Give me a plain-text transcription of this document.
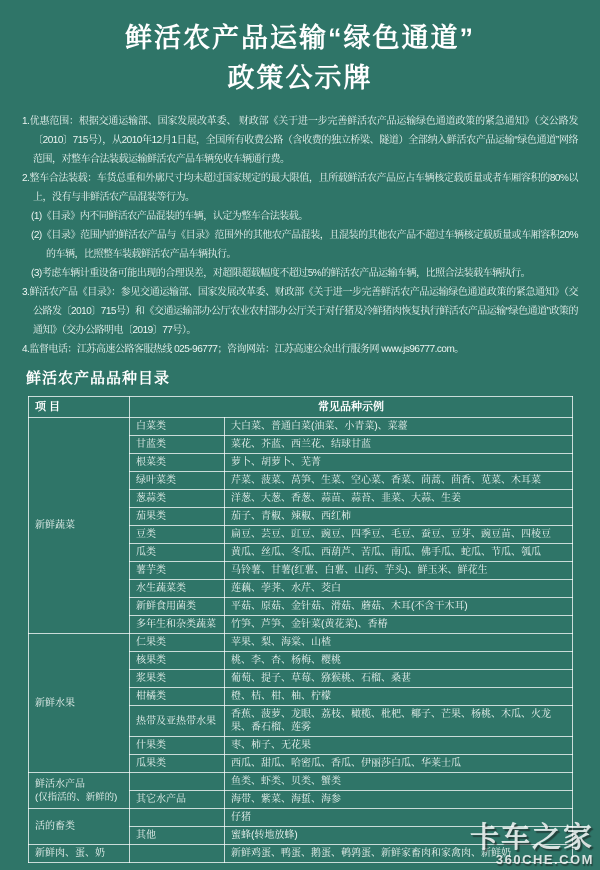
鲜活农产品运输“绿色通道”
政策公示牌
1.优惠范围：根据交通运输部、国家发展改革委、 财政部《关于进一步完善鲜活农产品运输绿色通道政策的紧急通知》（交公路发〔2010〕715号），从2010年12月1日起，全国所有收费公路（含收费的独立桥梁、隧道）全部纳入鲜活农产品运输“绿色通道”网络范围，对整车合法装载运输鲜活农产品车辆免收车辆通行费。
2.整车合法装载：车货总重和外廓尺寸均未超过国家规定的最大限值，且所载鲜活农产品应占车辆核定载质量或者车厢容积的80%以上，没有与非鲜活农产品混装等行为。
(1)《目录》内不同鲜活农产品混装的车辆，认定为整车合法装载。
(2)《目录》范围内的鲜活农产品与《目录》范围外的其他农产品混装，且混装的其他农产品不超过车辆核定载质量或车厢容积20%的车辆，比照整车装载鲜活农产品车辆执行。
(3)考虑车辆计重设备可能出现的合理误差，对超限超载幅度不超过5%的鲜活农产品运输车辆，比照合法装载车辆执行。
3.鲜活农产品《目录》：参见交通运输部、国家发展改革委、财政部《关于进一步完善鲜活农产品运输绿色通道政策的紧急通知》（交公路发〔2010〕715号）和《交通运输部办公厅农业农村部办公厅关于对仔猪及冷鲜猪肉恢复执行鲜活农产品运输“绿色通道”政策的通知》（交办公路明电〔2019〕77号）。
4.监督电话：江苏高速公路客服热线 025-96777；咨询网站：江苏高速公众出行服务网 www.js96777.com。
鲜活农产品品种目录
项 目	常见品种示例	
新鲜蔬菜	白菜类	大白菜、普通白菜(油菜、小青菜)、菜薹
	甘蓝类	菜花、芥蓝、西兰花、结球甘蓝
	根菜类	萝卜、胡萝卜、芜菁
	绿叶菜类	芹菜、菠菜、莴笋、生菜、空心菜、香菜、茼蒿、茴香、苋菜、木耳菜
	葱蒜类	洋葱、大葱、香葱、蒜苗、蒜苔、韭菜、大蒜、生姜
	茄果类	茄子、青椒、辣椒、西红柿
	豆类	扁豆、芸豆、豇豆、豌豆、四季豆、毛豆、蚕豆、豆芽、豌豆苗、四棱豆
	瓜类	黄瓜、丝瓜、冬瓜、西葫芦、苦瓜、南瓜、佛手瓜、蛇瓜、节瓜、瓠瓜
	薯芋类	马铃薯、甘薯(红薯、白薯、山药、芋头)、鲜玉米、鲜花生
	水生蔬菜类	莲藕、荸荠、水芹、茭白
	新鲜食用菌类	平菇、原菇、金针菇、滑菇、蘑菇、木耳(不含干木耳)
	多年生和杂类蔬菜	竹笋、芦笋、金针菜(黄花菜)、香椿
新鲜水果	仁果类	苹果、梨、海棠、山楂
	核果类	桃、李、杏、杨梅、樱桃
	浆果类	葡萄、提子、草莓、猕猴桃、石榴、桑葚
	柑橘类	橙、桔、柑、柚、柠檬
	热带及亚热带水果	香蕉、菠萝、龙眼、荔枝、橄榄、枇杷、椰子、芒果、杨桃、木瓜、火龙果、番石榴、莲雾
	什果类	枣、柿子、无花果
	瓜果类	西瓜、甜瓜、哈密瓜、香瓜、伊丽莎白瓜、华莱士瓜
鲜活水产品
(仅指活的、新鲜的)		鱼类、虾类、贝类、蟹类
	其它水产品	海带、紫菜、海蜇、海参
活的畜类		仔猪
	其他	蜜蜂(转地放蜂)
新鲜肉、蛋、奶		新鲜鸡蛋、鸭蛋、鹅蛋、鹌鹑蛋、新鲜家畜肉和家禽肉、新鲜奶
卡车之家
360CHE.COM
